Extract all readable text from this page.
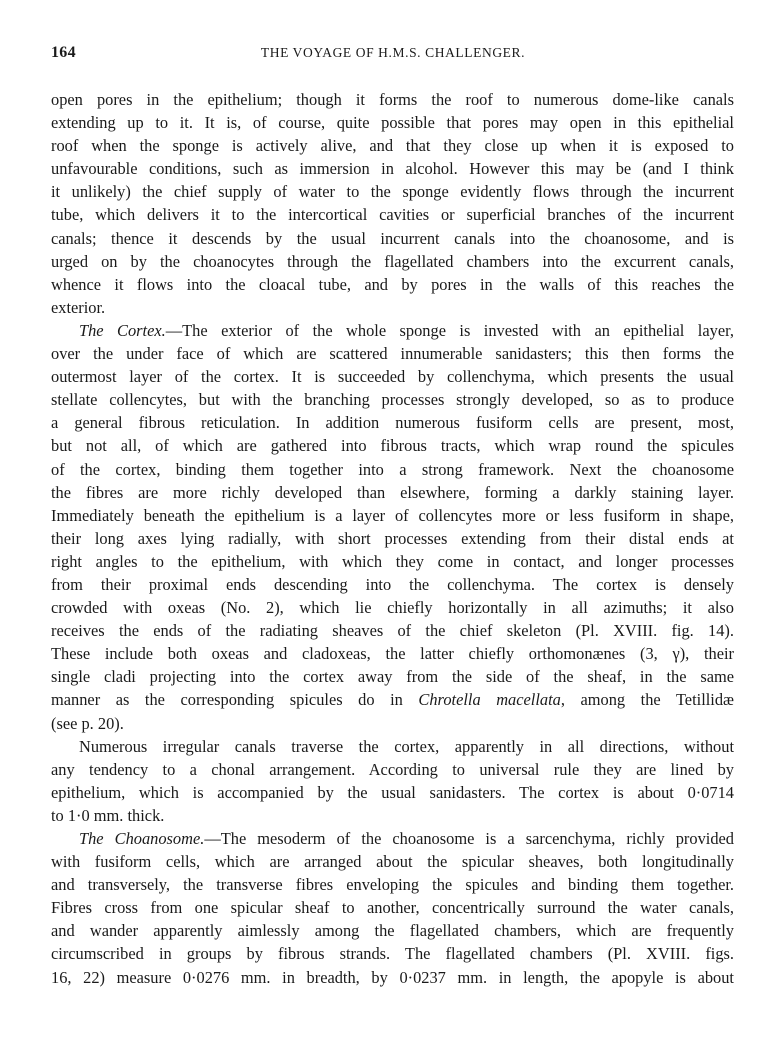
164	THE VOYAGE OF H.M.S. CHALLENGER.
open pores in the epithelium; though it forms the roof to numerous dome-like canals
extending up to it. It is, of course, quite possible that pores may open in this epithelial
roof when the sponge is actively alive, and that they close up when it is exposed to
unfavourable conditions, such as immersion in alcohol. However this may be (and I think
it unlikely) the chief supply of water to the sponge evidently flows through the incurrent
tube, which delivers it to the intercortical cavities or superficial branches of the incurrent
canals; thence it descends by the usual incurrent canals into the choanosome, and is
urged on by the choanocytes through the flagellated chambers into the excurrent canals,
whence it flows into the cloacal tube, and by pores in the walls of this reaches the
exterior.
The Cortex.—The exterior of the whole sponge is invested with an epithelial layer,
over the under face of which are scattered innumerable sanidasters; this then forms the
outermost layer of the cortex. It is succeeded by collenchyma, which presents the usual
stellate collencytes, but with the branching processes strongly developed, so as to produce
a general fibrous reticulation. In addition numerous fusiform cells are present, most,
but not all, of which are gathered into fibrous tracts, which wrap round the spicules
of the cortex, binding them together into a strong framework. Next the choanosome
the fibres are more richly developed than elsewhere, forming a darkly staining layer.
Immediately beneath the epithelium is a layer of collencytes more or less fusiform in shape,
their long axes lying radially, with short processes extending from their distal ends at
right angles to the epithelium, with which they come in contact, and longer processes
from their proximal ends descending into the collenchyma. The cortex is densely
crowded with oxeas (No. 2), which lie chiefly horizontally in all azimuths; it also
receives the ends of the radiating sheaves of the chief skeleton (Pl. XVIII. fig. 14).
These include both oxeas and cladoxeas, the latter chiefly orthomonænes (3, γ), their
single cladi projecting into the cortex away from the side of the sheaf, in the same
manner as the corresponding spicules do in Chrotella macellata, among the Tetillidæ
(see p. 20).
Numerous irregular canals traverse the cortex, apparently in all directions, without
any tendency to a chonal arrangement. According to universal rule they are lined by
epithelium, which is accompanied by the usual sanidasters. The cortex is about 0·0714
to 1·0 mm. thick.
The Choanosome.—The mesoderm of the choanosome is a sarcenchyma, richly provided
with fusiform cells, which are arranged about the spicular sheaves, both longitudinally
and transversely, the transverse fibres enveloping the spicules and binding them together.
Fibres cross from one spicular sheaf to another, concentrically surround the water canals,
and wander apparently aimlessly among the flagellated chambers, which are frequently
circumscribed in groups by fibrous strands. The flagellated chambers (Pl. XVIII. figs.
16, 22) measure 0·0276 mm. in breadth, by 0·0237 mm. in length, the apopyle is about
